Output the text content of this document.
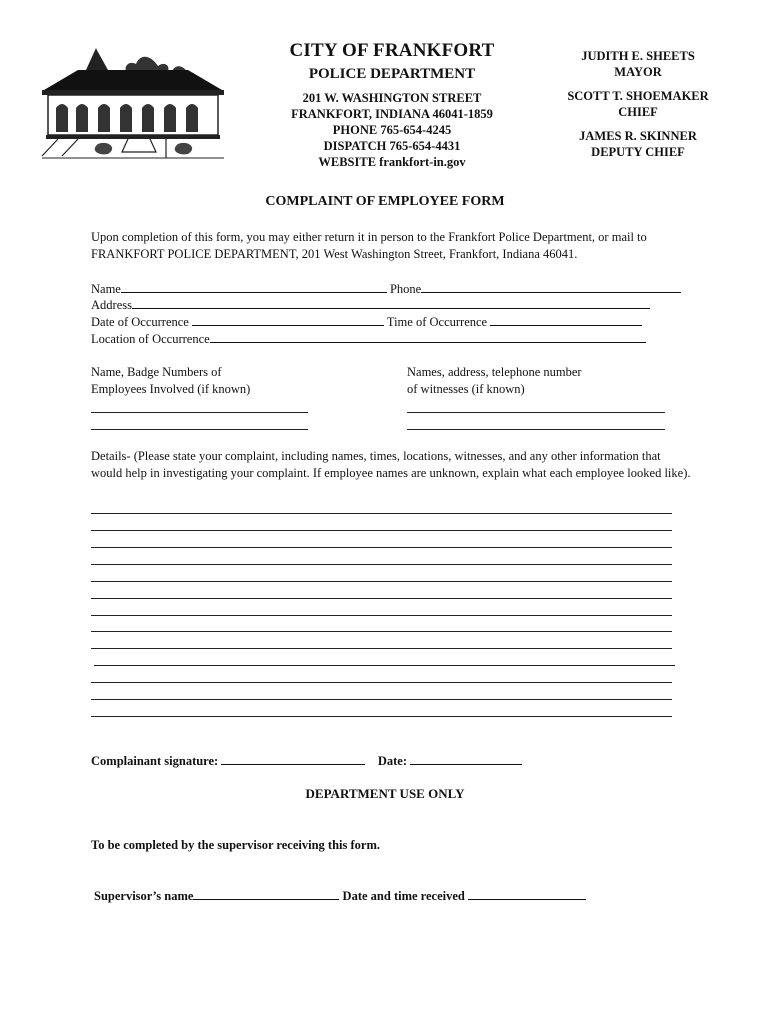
CITY OF FRANKFORT
POLICE DEPARTMENT
201 W. WASHINGTON STREET
FRANKFORT, INDIANA 46041-1859
PHONE 765-654-4245
DISPATCH 765-654-4431
WEBSITE frankfort-in.gov
JUDITH E. SHEETS
MAYOR
SCOTT T. SHOEMAKER
CHIEF
JAMES R. SKINNER
DEPUTY CHIEF
COMPLAINT OF EMPLOYEE FORM
Upon completion of this form, you may either return it in person to the Frankfort Police Department, or mail to FRANKFORT POLICE DEPARTMENT, 201 West Washington Street, Frankfort, Indiana 46041.
Name	Phone
Address
Date of Occurrence	Time of Occurrence
Location of Occurrence
Name, Badge Numbers of
Employees Involved (if known)
Names, address, telephone number
of witnesses (if known)
Details- (Please state your complaint, including names, times, locations, witnesses, and any other information that would help in investigating your complaint. If employee names are unknown, explain what each employee looked like).
Complainant signature:	Date:
DEPARTMENT USE ONLY
To be completed by the supervisor receiving this form.
Supervisor’s name	Date and time received
